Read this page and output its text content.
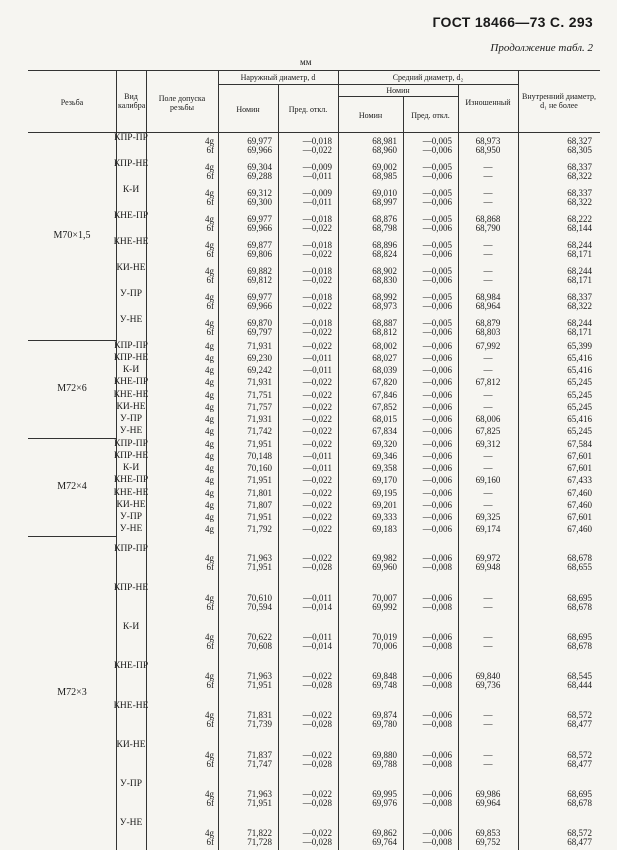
ГОСТ 18466—73 С. 293
Продолжение табл. 2
мм
Резьба
Вид калибра
Поле допуска резьбы
Наружный диаметр, d
Номин	Пред. откл.
Средний диаметр, d₂
Номин
Номин	Пред. откл.
Изношенный
Внутренний диаметр, d₁ не более
М70×1,5
КПР-ПР	4g	69,977	—0,018	68,981	—0,005	68,973	68,327
6f	69,966	—0,022	68,960	—0,006	68,950	68,305
КПР-НЕ	4g	69,304	—0,009	69,002	—0,005	—	68,337
6f	69,288	—0,011	68,985	—0,006	—	68,322
К-И	4g	69,312	—0,009	69,010	—0,005	—	68,337
6f	69,300	—0,011	68,997	—0,006	—	68,322
КНЕ-ПР	4g	69,977	—0,018	68,876	—0,005	68,868	68,222
6f	69,966	—0,022	68,798	—0,006	68,790	68,144
КНЕ-НЕ	4g	69,877	—0,018	68,896	—0,005	—	68,244
6f	69,806	—0,022	68,824	—0,006	—	68,171
КИ-НЕ	4g	69,882	—0,018	68,902	—0,005	—	68,244
6f	69,812	—0,022	68,830	—0,006	—	68,171
У-ПР	4g	69,977	—0,018	68,992	—0,005	68,984	68,337
6f	69,966	—0,022	68,973	—0,006	68,964	68,322
У-НЕ	4g	69,870	—0,018	68,887	—0,005	68,879	68,244
6f	69,797	—0,022	68,812	—0,006	68,803	68,171
М72×6
КПР-ПР	4g	71,931	—0,022	68,002	—0,006	67,992	65,399
КПР-НЕ	4g	69,230	—0,011	68,027	—0,006	—	65,416
К-И	4g	69,242	—0,011	68,039	—0,006	—	65,416
КНЕ-ПР	4g	71,931	—0,022	67,820	—0,006	67,812	65,245
КНЕ-НЕ	4g	71,751	—0,022	67,846	—0,006	—	65,245
КИ-НЕ	4g	71,757	—0,022	67,852	—0,006	—	65,245
У-ПР	4g	71,931	—0,022	68,015	—0,006	68,006	65,416
У-НЕ	4g	71,742	—0,022	67,834	—0,006	67,825	65,245
М72×4
КПР-ПР	4g	71,951	—0,022	69,320	—0,006	69,312	67,584
КПР-НЕ	4g	70,148	—0,011	69,346	—0,006	—	67,601
К-И	4g	70,160	—0,011	69,358	—0,006	—	67,601
КНЕ-ПР	4g	71,951	—0,022	69,170	—0,006	69,160	67,433
КНЕ-НЕ	4g	71,801	—0,022	69,195	—0,006	—	67,460
КИ-НЕ	4g	71,807	—0,022	69,201	—0,006	—	67,460
У-ПР	4g	71,951	—0,022	69,333	—0,006	69,325	67,601
У-НЕ	4g	71,792	—0,022	69,183	—0,006	69,174	67,460
М72×3
КПР-ПР
4g	71,963	—0,022	69,982	—0,006	69,972	68,678
6f	71,951	—0,028	69,960	—0,008	69,948	68,655
КПР-НЕ
4g	70,610	—0,011	70,007	—0,006	—	68,695
6f	70,594	—0,014	69,992	—0,008	—	68,678
К-И
4g	70,622	—0,011	70,019	—0,006	—	68,695
6f	70,608	—0,014	70,006	—0,008	—	68,678
КНЕ-ПР
4g	71,963	—0,022	69,848	—0,006	69,840	68,545
6f	71,951	—0,028	69,748	—0,008	69,736	68,444
КНЕ-НЕ
4g	71,831	—0,022	69,874	—0,006	—	68,572
6f	71,739	—0,028	69,780	—0,008	—	68,477
КИ-НЕ
4g	71,837	—0,022	69,880	—0,006	—	68,572
6f	71,747	—0,028	69,788	—0,008	—	68,477
У-ПР
4g	71,963	—0,022	69,995	—0,006	69,986	68,695
6f	71,951	—0,028	69,976	—0,008	69,964	68,678
У-НЕ
4g	71,822	—0,022	69,862	—0,006	69,853	68,572
6f	71,728	—0,028	69,764	—0,008	69,752	68,477
